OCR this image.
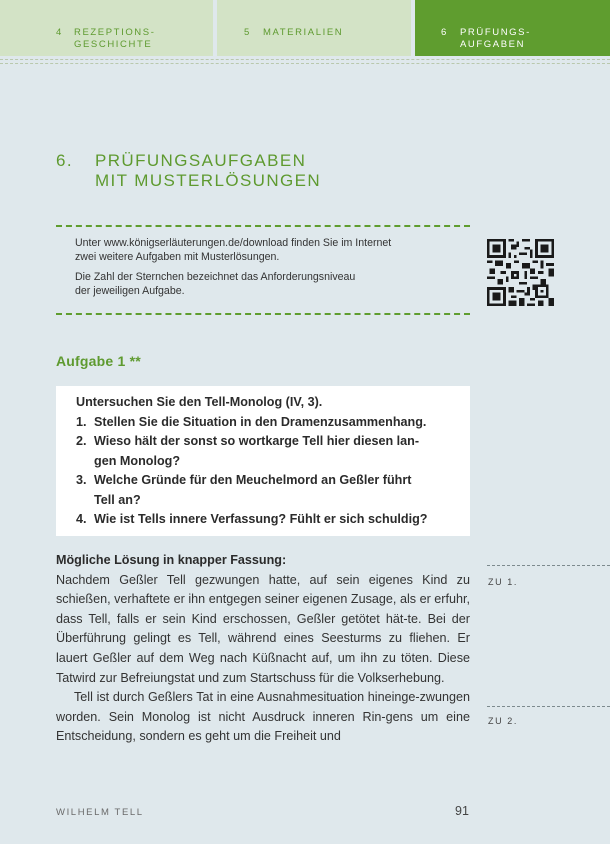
4 REZEPTIONS-
GESCHICHTE
5 MATERIALIEN	6 PRÜFUNGS-
AUFGABEN
6. PRÜFUNGSAUFGABEN
MIT MUSTERLÖSUNGEN

Unter www.königserläuterungen.de/download finden Sie im Internet
zwei weitere Aufgaben mit Musterlösungen.

Die Zahl der Sternchen bezeichnet das Anforderungsniveau
der jeweiligen Aufgabe.

Aufgabe 1 **
Untersuchen Sie den Tell-Monolog (IV, 3).
1. Stellen Sie die Situation in den Dramenzusammenhang.
2. Wieso hält der sonst so wortkarge Tell hier diesen lan-
gen Monolog?
3. Welche Gründe für den Meuchelmord an Geßler führt
Tell an?
4. Wie ist Tells innere Verfassung? Fühlt er sich schuldig?
Mögliche Lösung in knapper Fassung:

Nachdem Geßler Tell gezwungen hatte, auf sein eigenes Kind zu schießen, verhaftete er ihn entgegen seiner eigenen Zusage, als er erfuhr, dass Tell, falls er sein Kind erschossen, Geßler getötet hät-te. Bei der Überführung gelingt es Tell, während eines Seesturms zu fliehen. Er lauert Geßler auf dem Weg nach Küßnacht auf, um ihn zu töten. Diese Tatwird zur Befreiungstat und zum Startschuss für die Volkserhebung.

Tell ist durch Geßlers Tat in eine Ausnahmesituation hineinge-zwungen worden. Sein Monolog ist nicht Ausdruck inneren Rin-gens um eine Entscheidung, sondern es geht um die Freiheit und

ZU 1.
ZU 2.
WILHELM TELL	91
